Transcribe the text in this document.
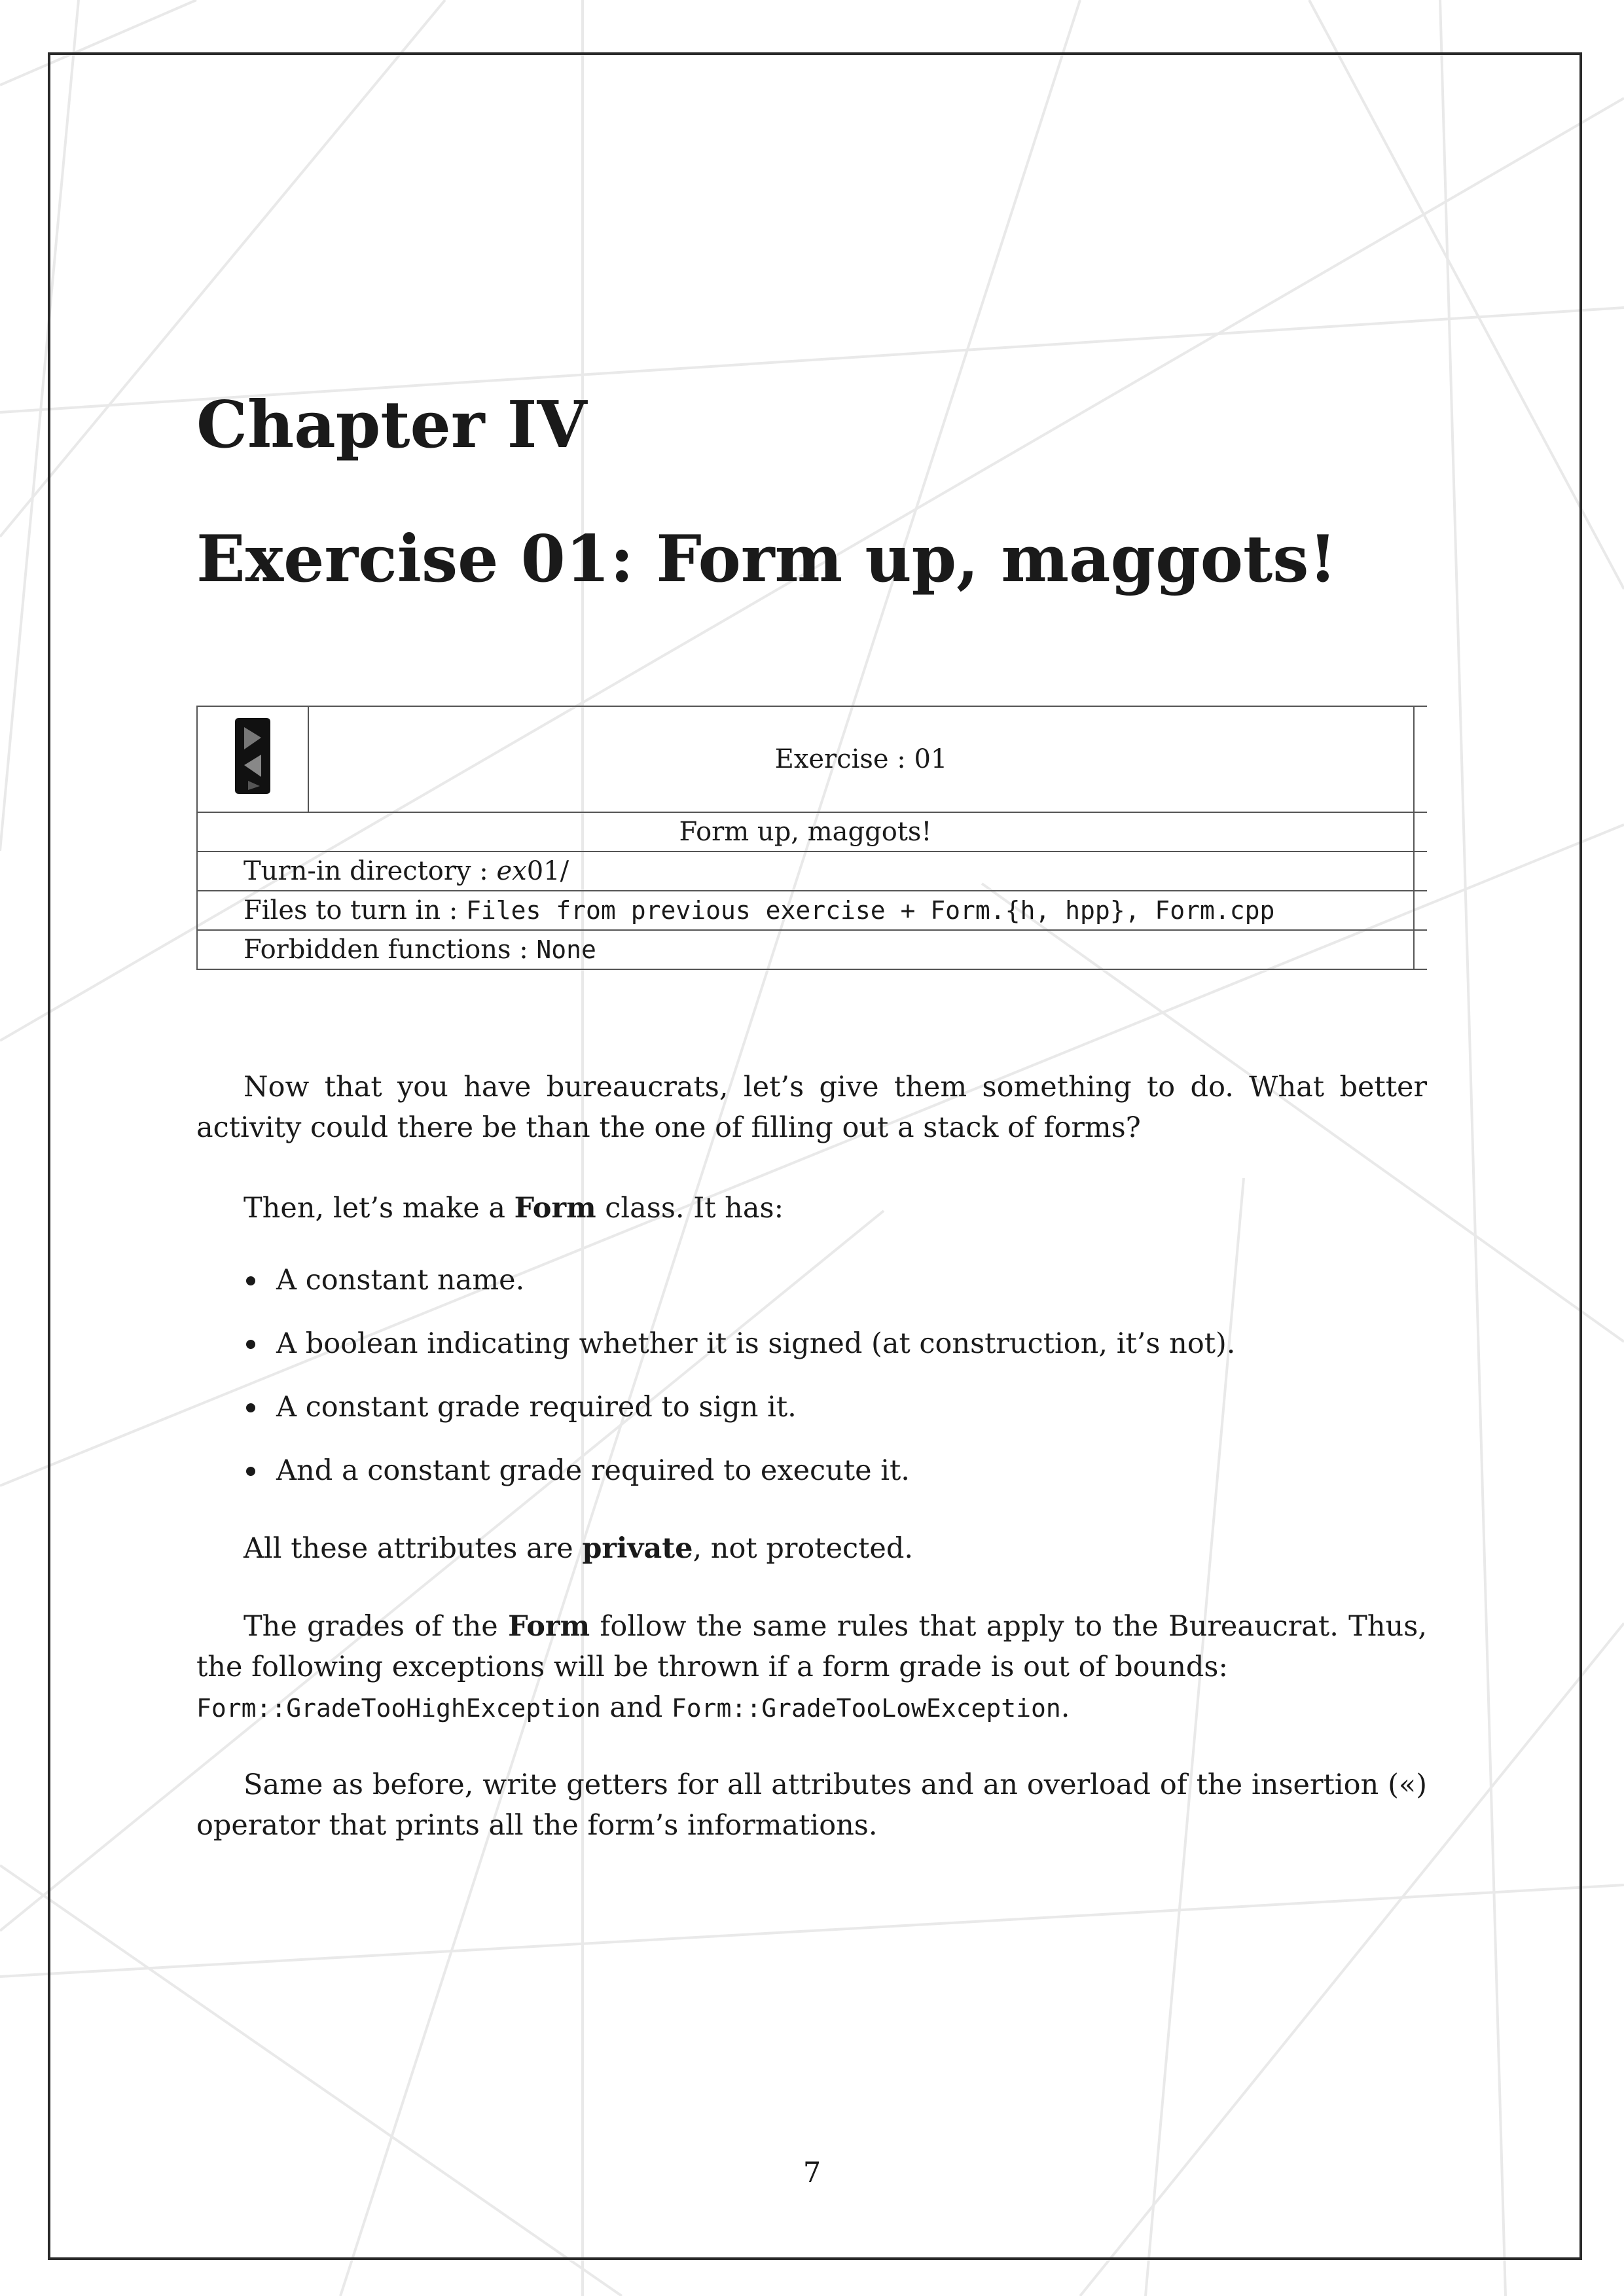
Chapter IV
Exercise 01: Form up, maggots!
	Exercise : 01	
Form up, maggots!		
Turn-in directory : ex01/		
Files to turn in : Files from previous exercise + Form.{h, hpp}, Form.cpp		
Forbidden functions : None		

Now that you have bureaucrats, let’s give them something to do. What better activity could there be than the one of filling out a stack of forms?

Then, let’s make a Form class. It has:

A constant name.
A boolean indicating whether it is signed (at construction, it’s not).
A constant grade required to sign it.
And a constant grade required to execute it.

All these attributes are private, not protected.

The grades of the Form follow the same rules that apply to the Bureaucrat. Thus, the following exceptions will be thrown if a form grade is out of bounds:
Form::GradeTooHighException and Form::GradeTooLowException.

Same as before, write getters for all attributes and an overload of the insertion («) operator that prints all the form’s informations.

7
